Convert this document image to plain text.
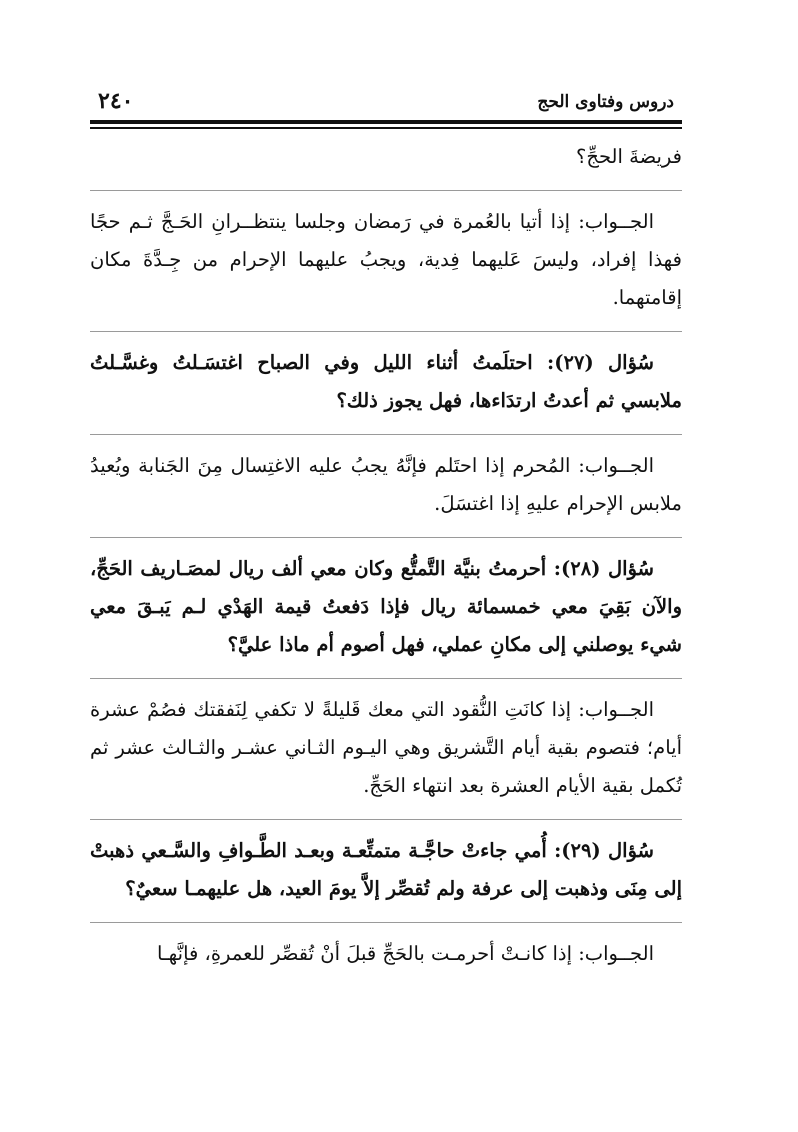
٢٤٠	دروس وفتاوى الحج

فريضةَ الحجِّ؟

الجــواب: إذا أتيا بالعُمرة في رَمضان وجلسا ينتظــرانِ الحَـجَّ ثـم حجًا فهذا إفراد، وليسَ عَليهما فِدية، ويجبُ عليهما الإحرام من جِـدَّةَ مكان إقامتهما.

سُؤال (٢٧): احتلَمتُ أثناء الليل وفي الصباح اغتسَـلتُ وغسَّـلتُ ملابسي ثم أعدتُ ارتدَاءها، فهل يجوز ذلك؟

الجــواب: المُحرم إذا احتَلم فإنَّهُ يجبُ عليه الاغتِسال مِنَ الجَنابة ويُعيدُ ملابس الإحرام عليهِ إذا اغتسَلَ.

سُؤال (٢٨): أحرمتُ بنيَّة التَّمتُّع وكان معي ألف ريال لمصَـاريف الحَجِّ، والآن بَقِيَ معي خمسمائة ريال فإذا دَفعتُ قيمة الهَدْي لـم يَبـقَ معي شيء يوصلني إلى مكانِ عملي، فهل أصوم أم ماذا عليَّ؟

الجــواب: إذا كانَتِ النُّقود التي معك قَليلةً لا تكفي لِنَفقتك فصُمْ عشرة أيام؛ فتصوم بقية أيام التَّشريق وهي اليـوم الثـاني عشـر والثـالث عشر ثم تُكمل بقية الأيام العشرة بعد انتهاء الحَجِّ.

سُؤال (٢٩): أُمي جاءتْ حاجَّـة متمتِّعـة وبعـد الطَّـوافِ والسَّـعي ذهبتْ إلى مِنَى وذهبت إلى عرفة ولم تُقصِّر إلاَّ يومَ العيد، هل عليهمـا سعيٌ؟

الجــواب: إذا كانـتْ أحرمـت بالحَجِّ قبلَ أنْ تُقصِّر للعمرةِ، فإنَّهـا
